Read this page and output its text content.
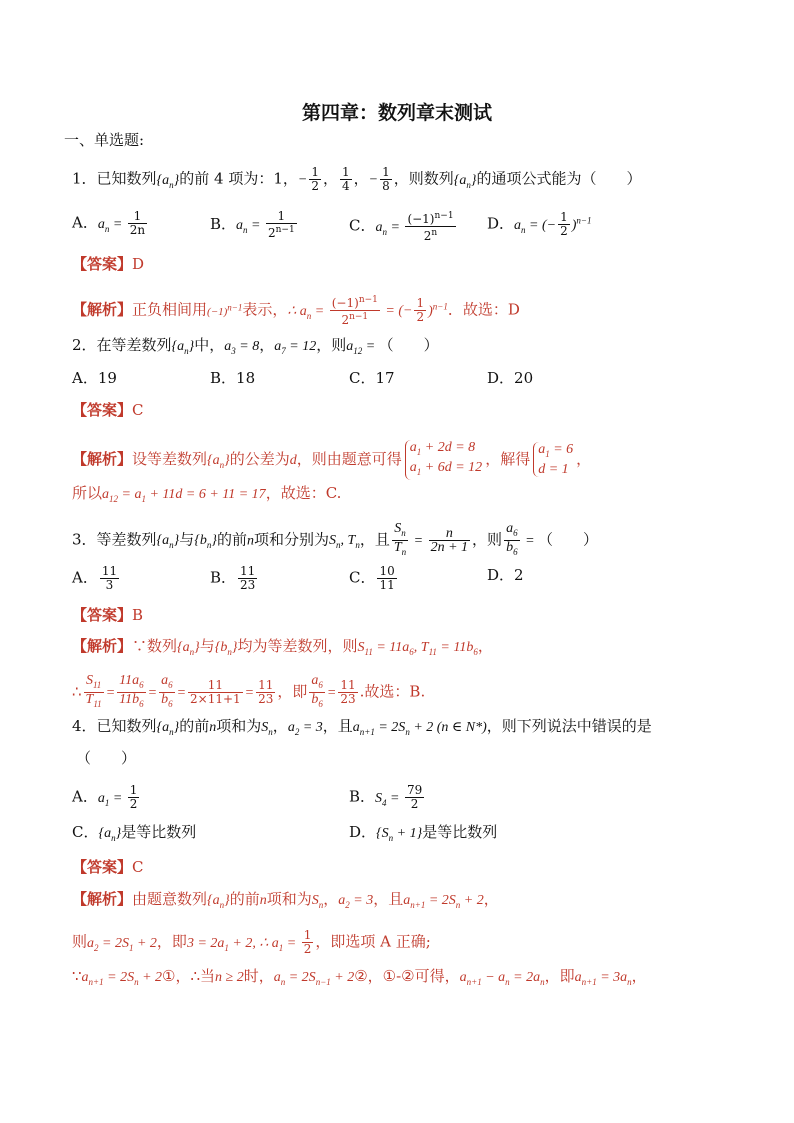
第四章：数列章末测试
一、单选题:
1．已知数列$\{a_n\}$的前 4 项为：1，− $\frac{1}{2}$ ， $\frac{1}{4}$ ，− $\frac{1}{8}$ ，则数列$\{a_n\}$的通项公式能为（　　）
A．$a_n = \frac{1}{2n}$	B．$a_n = \frac{1}{2^{n-1}}$	C．$a_n = \frac{(-1)^{n-1}}{2^n}$ D．$a_n$ = (− $\frac{1}{2} )^{n-1}$
【答案】D
【解析】正负相间用$(-1)^{n-1}$表示，∴ $a_n = \frac{(-1)^{n-1}}{2^{n-1}}$ = (− $\frac{1}{2} )^{n-1}$．故选：D
2．在等差数列$\{a_n\}$中，$a_3 = 8$，$a_7 = 12$，则$a_{12}$ = （　　）
A．19	B．18	C．17	D．20
【答案】C
【解析】设等差数列$\{a_n\}$的公差为d，则由题意可得$a_1 + 2d = 8$
$a_1 + 6d = 12$ ，解得 $a_1 = 6$
d = 1，
所以$a_{12} = a_1 + 11d = 6 + 11 = 17$，故选：C.
3．等差数列$\{a_n\}$与$\{b_n\}$的前n项和分别为$S_n$, $T_n$，且 $\frac{S_n}{T_n} = \frac{n}{2n + 1}$ ，则 $\frac{a_6}{b_6}$ = （　　）
A． $\frac{11}{3}$	B． $\frac{11}{23}$	C． $\frac{10}{11}$	D．2
【答案】B
【解析】∵数列$\{a_n\}$与$\{b_n\}$均为等差数列，则$S_{11} = 11a_6$, $T_{11} = 11b_6$，
∴ $\frac{S_{11}}{T_{11}} = \frac{11a_6}{11b_6} = \frac{a_6}{b_6} = \frac{11}{2\times 11+1} = \frac{11}{23}$ ，即 $\frac{a_6}{b_6} = \frac{11}{23}$ .故选：B.
4．已知数列$\{a_n\}$的前n项和为$S_n$，$a_2 = 3$，且$a_{n+1} = 2S_n + 2$ (n ∈ N*)，则下列说法中错误的是
（　　）
A．$a_1 = \frac{1}{2}$	B．$S_4 = \frac{79}{2}$
C．$\{a_n\}$是等比数列	D．$\{S_n + 1\}$是等比数列
【答案】C
【解析】由题意数列$\{a_n\}$的前n项和为$S_n$，$a_2 = 3$，且$a_{n+1} = 2S_n + 2$，
则$a_2 = 2S_1 + 2$，即$3 = 2a_1 + 2$, ∴ $a_1 = \frac{1}{2}$ ，即选项 A 正确;
$\because a_{n+1} = 2S_n$ + 2①，∴当n ≥ 2时，$a_n = 2S_{n-1}$ + 2②，①-②可得，$a_{n+1} - a_n = 2a_n$，即$a_{n+1} = 3a_n$，
